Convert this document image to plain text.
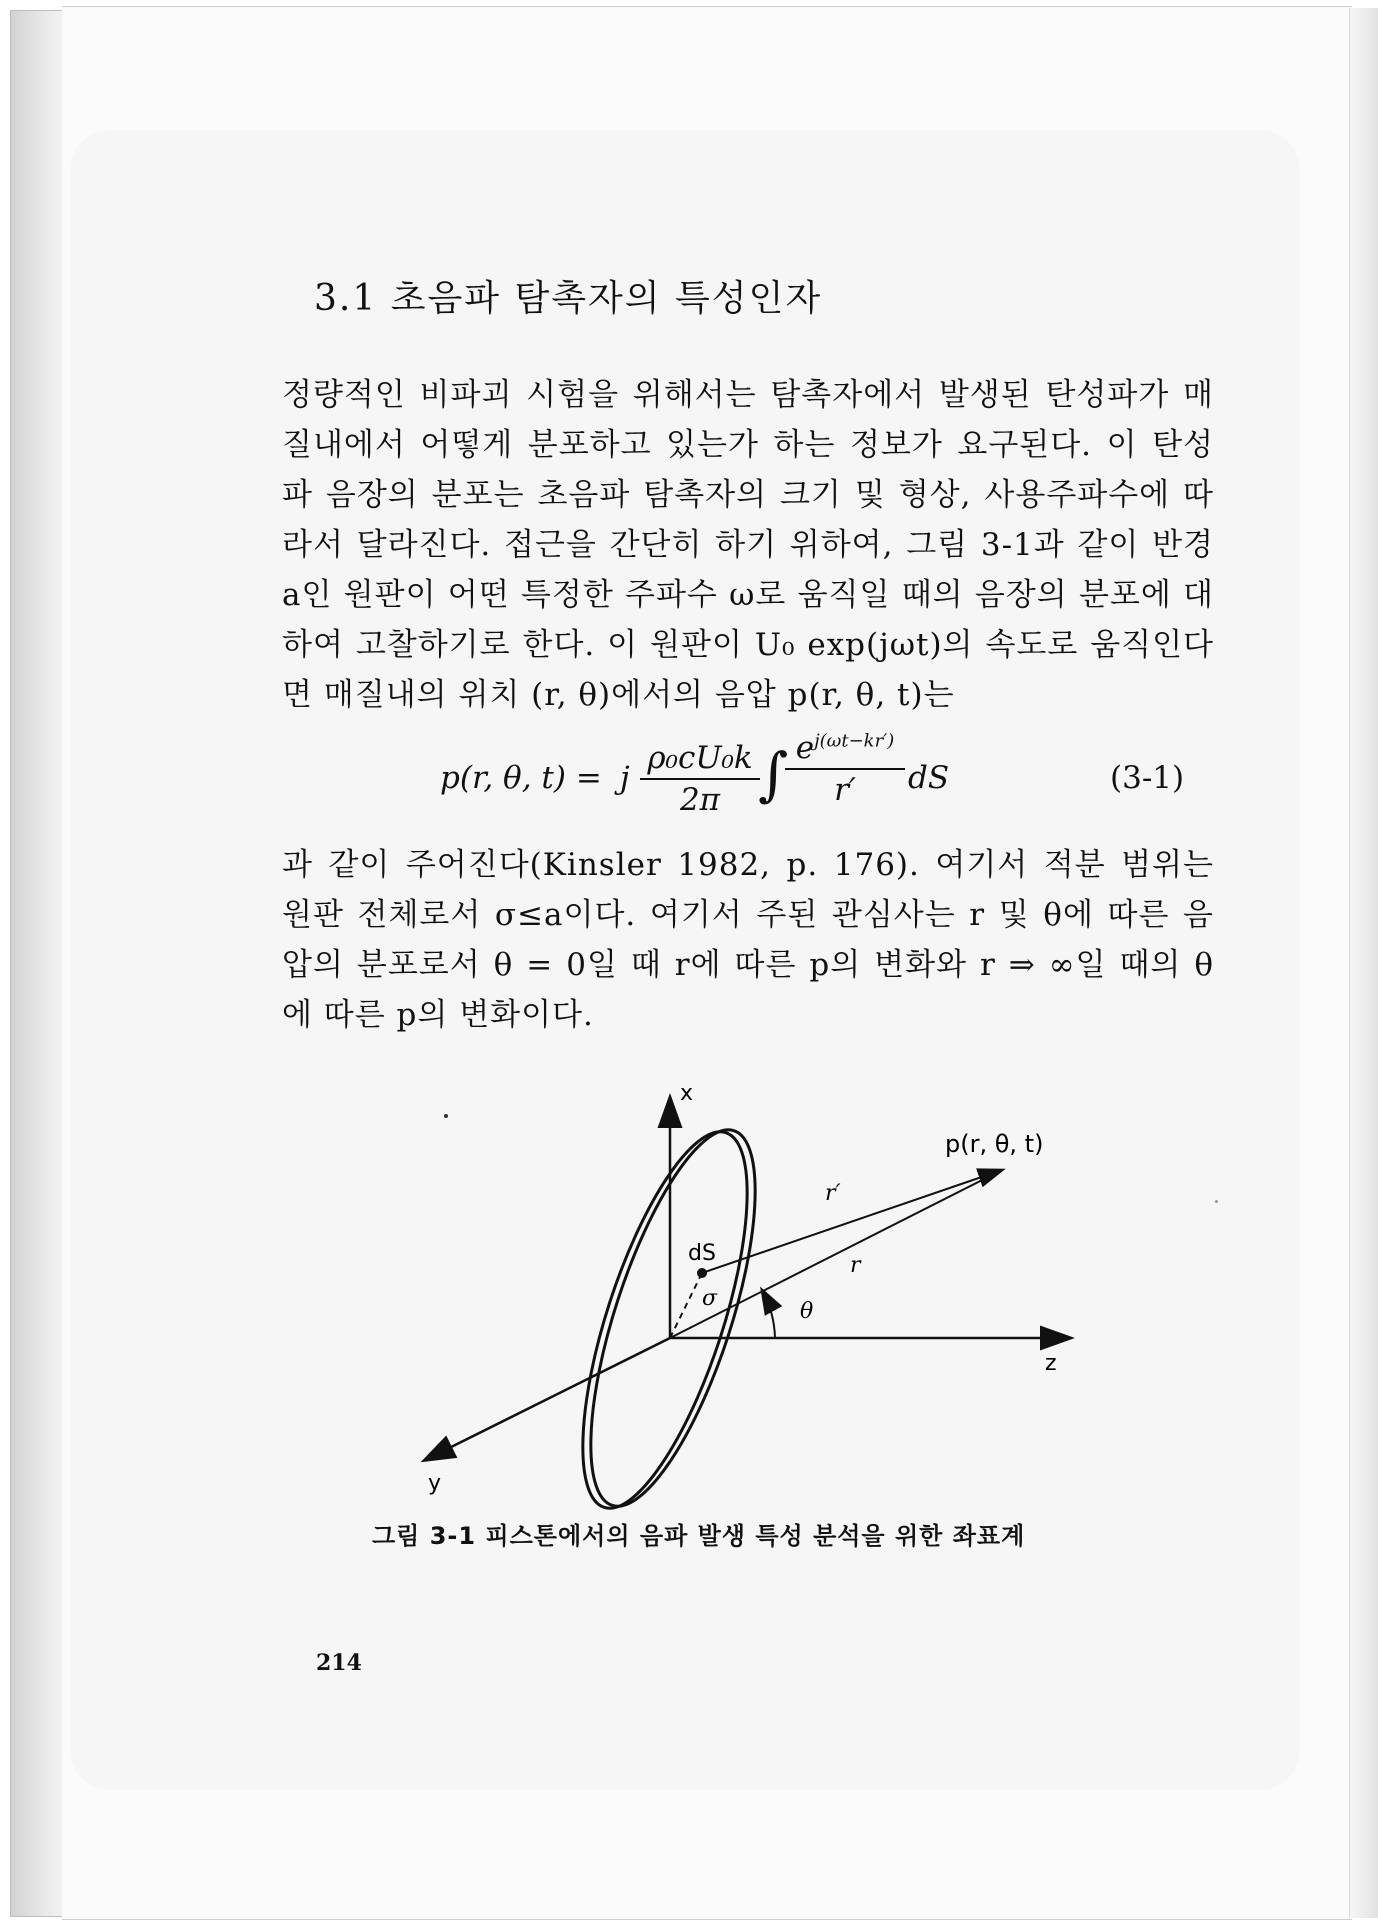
3.1 초음파 탐촉자의 특성인자
정량적인 비파괴 시험을 위해서는 탐촉자에서 발생된 탄성파가 매질내에서 어떻게 분포하고 있는가 하는 정보가 요구된다. 이 탄성파 음장의 분포는 초음파 탐촉자의 크기 및 형상, 사용주파수에 따라서 달라진다. 접근을 간단히 하기 위하여, 그림 3-1과 같이 반경 a인 원판이 어떤 특정한 주파수 ω로 움직일 때의 음장의 분포에 대하여 고찰하기로 한다. 이 원판이 U₀ exp(jωt)의 속도로 움직인다면 매질내의 위치 (r, θ)에서의 음압 p(r, θ, t)는
p(r, θ, t) = j $\frac{\text{ρ₀cU₀k}}{2\pi}$
∫
$\frac{e^{j(\omega t-kr')}}{r'}$ dS	(3-1)
과 같이 주어진다(Kinsler 1982, p. 176). 여기서 적분 범위는 원판 전체로서 σ≤a이다. 여기서 주된 관심사는 r 및 θ에 따른 음압의 분포로서 θ = 0일 때 r에 따른 p의 변화와 r ⇒ ∞일 때의 θ에 따른 p의 변화이다.
x
z
y
p(r, θ, t)
r′
r
dS
σ
θ
그림 3-1 피스톤에서의 음파 발생 특성 분석을 위한 좌표계
214
